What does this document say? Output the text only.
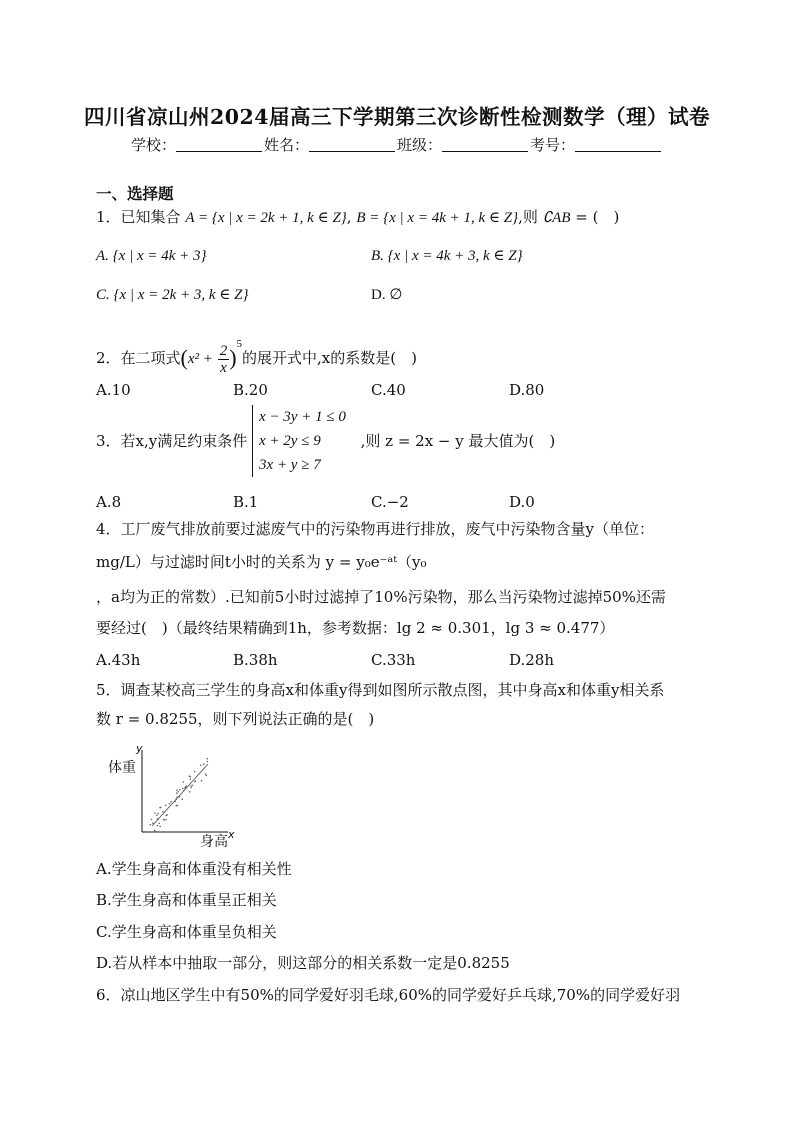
四川省凉山州2024届高三下学期第三次诊断性检测数学（理）试卷
学校：	姓名：	班级：	考号：
一、选择题
1．已知集合 A = {x | x = 2k + 1, k ∈ Z}, B = {x | x = 4k + 1, k ∈ Z},则 ∁AB = (　)
A. {x | x = 4k + 3}	B. {x | x = 4k + 3, k ∈ Z}
C. {x | x = 2k + 3, k ∈ Z}	D. ∅
2．在二项式$(x^2 + \frac{2}{x} )^5$的展开式中,x的系数是(　)
A.10	B.20	C.40	D.80
3．若x,y满足约束条件
x − 3y + 1 ≤ 0
x + 2y ≤ 9
3x + y ≥ 7
,则 z = 2x − y 最大值为(　)
A.8	B.1	C.−2	D.0
4．工厂废气排放前要过滤废气中的污染物再进行排放，废气中污染物含量y（单位：
mg/L）与过滤时间t小时的关系为 y = y₀e⁻ᵃᵗ（y₀
，a均为正的常数）.已知前5小时过滤掉了10%污染物，那么当污染物过滤掉50%还需
要经过(　)（最终结果精确到1h，参考数据：lg 2 ≈ 0.301，lg 3 ≈ 0.477）
A.43h	B.38h	C.33h	D.28h
5．调查某校高三学生的身高x和体重y得到如图所示散点图，其中身高x和体重y相关系
数 r = 0.8255，则下列说法正确的是(　)
体重
y
身高 x
A.学生身高和体重没有相关性
B.学生身高和体重呈正相关
C.学生身高和体重呈负相关
D.若从样本中抽取一部分，则这部分的相关系数一定是0.8255
6．凉山地区学生中有50%的同学爱好羽毛球,60%的同学爱好乒乓球,70%的同学爱好羽
